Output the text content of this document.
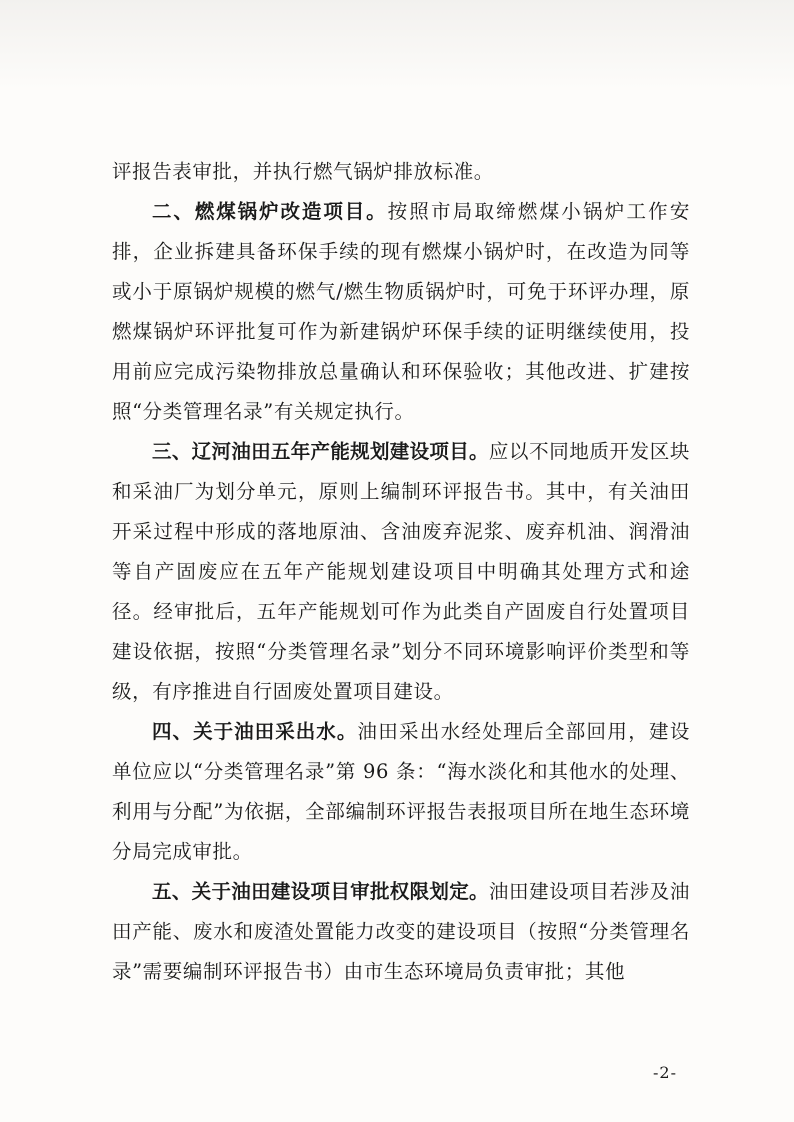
评报告表审批，并执行燃气锅炉排放标准。

二、燃煤锅炉改造项目。按照市局取缔燃煤小锅炉工作安排，企业拆建具备环保手续的现有燃煤小锅炉时，在改造为同等或小于原锅炉规模的燃气/燃生物质锅炉时，可免于环评办理，原燃煤锅炉环评批复可作为新建锅炉环保手续的证明继续使用，投用前应完成污染物排放总量确认和环保验收；其他改进、扩建按照“分类管理名录”有关规定执行。

三、辽河油田五年产能规划建设项目。应以不同地质开发区块和采油厂为划分单元，原则上编制环评报告书。其中，有关油田开采过程中形成的落地原油、含油废弃泥浆、废弃机油、润滑油等自产固废应在五年产能规划建设项目中明确其处理方式和途径。经审批后，五年产能规划可作为此类自产固废自行处置项目建设依据，按照“分类管理名录”划分不同环境影响评价类型和等级，有序推进自行固废处置项目建设。

四、关于油田采出水。油田采出水经处理后全部回用，建设单位应以“分类管理名录”第 96 条：“海水淡化和其他水的处理、利用与分配”为依据，全部编制环评报告表报项目所在地生态环境分局完成审批。

五、关于油田建设项目审批权限划定。油田建设项目若涉及油田产能、废水和废渣处置能力改变的建设项目（按照“分类管理名录”需要编制环评报告书）由市生态环境局负责审批；其他

-2-
